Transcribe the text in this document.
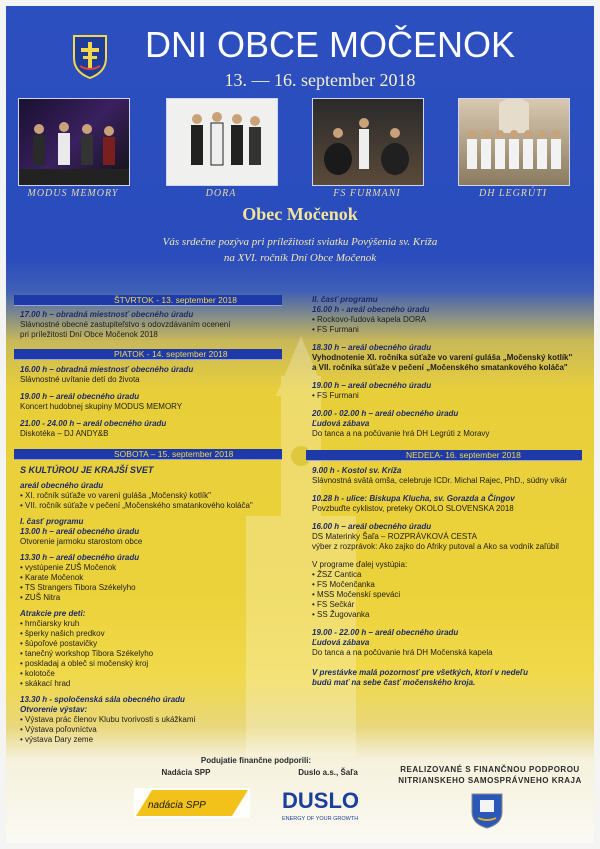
DNI OBCE MOČENOK
13. — 16. september 2018
MODUS MEMORY	DORA	FS FURMANI	DH LEGRÚTI
Obec Močenok
Vás srdečne pozýva pri príležitosti sviatku Povýšenia sv. Kríža
na XVI. ročník Dní Obce Močenok
ŠTVRTOK - 13. september 2018
17.00 h – obradná miestnosť obecného úradu
Slávnostné obecné zastupiteľstvo s odovzdávaním ocenení
pri príležitosti Dní Obce Močenok 2018
PIATOK - 14. september 2018
16.00 h – obradná miestnosť obecného úradu
Slávnostné uvítanie detí do života
19.00 h – areál obecného úradu
Koncert hudobnej skupiny MODUS MEMORY
21.00 - 24.00 h – areál obecného úradu
Diskotéka – DJ ANDY&B
SOBOTA – 15. september 2018
S KULTÚROU JE KRAJŠÍ SVET
areál obecného úradu
• XI. ročník súťaže vo varení guláša „Močenský kotlík"
• VII. ročník súťaže v pečení „Močenského smatankového koláča"
I. časť programu
13.00 h – areál obecného úradu
Otvorenie jarmoku starostom obce
13.30 h – areál obecného úradu
• vystúpenie ZUŠ Močenok
• Karate Močenok
• TS Strangers Tibora Székelyho
• ZUŠ Nitra
Atrakcie pre deti:
• hrnčiarsky kruh
• šperky našich predkov
• šúpoľové postavičky
• tanečný workshop Tibora Székelyho
• poskladaj a obleč si močenský kroj
• kolotoče
• skákací hrad
13.30 h - spoločenská sála obecného úradu
Otvorenie výstav:
• Výstava prác členov Klubu tvorivosti s ukážkami
• Výstava poľovníctva
• výstava Dary zeme
II. časť programu
16.00 h - areál obecného úradu
• Rockovo-ľudová kapela DORA
• FS Furmani
18.30 h – areál obecného úradu
Vyhodnotenie XI. ročníka súťaže vo varení guláša „Močenský kotlík"
a VII. ročníka súťaže v pečení „Močenského smatankového koláča"
19.00 h – areál obecného úradu
• FS Furmani
20.00 - 02.00 h – areál obecného úradu
Ľudová zábava
Do tanca a na počúvanie hrá DH Legrúti z Moravy
NEDEĽA- 16. september 2018
9.00 h - Kostol sv. Kríža
Slávnostná svätá omša, celebruje ICDr. Michal Rajec, PhD., súdny vikár
10.28 h - ulice: Biskupa Klucha, sv. Gorazda a Čingov
Povzbuďte cyklistov, preteky OKOLO SLOVENSKA 2018
16.00 h – areál obecného úradu
DS Materinky Šaľa – ROZPRÁVKOVÁ CESTA
výber z rozprávok: Ako zajko do Afriky putoval a Ako sa vodník zaľúbil
V programe ďalej vystúpia:
• ŽSZ Cantica
• FS Močenčanka
• MSS Močenskí speváci
• FS Sečkár
• SS Žugovanka
19.00 - 22.00 h – areál obecného úradu
Ľudová zábava
Do tanca a na počúvanie hrá DH Močenská kapela
V prestávke malá pozornosť pre všetkých, ktorí v nedeľu
budú mať na sebe časť močenského kroja.
Podujatie finančne podporili:
Nadácia SPP	Duslo a.s., Šaľa
nadácia SPP	DUSLO
ENERGY OF YOUR GROWTH
REALIZOVANÉ S FINANČNOU PODPOROU
NITRIANSKEHO SAMOSPRÁVNEHO KRAJA
